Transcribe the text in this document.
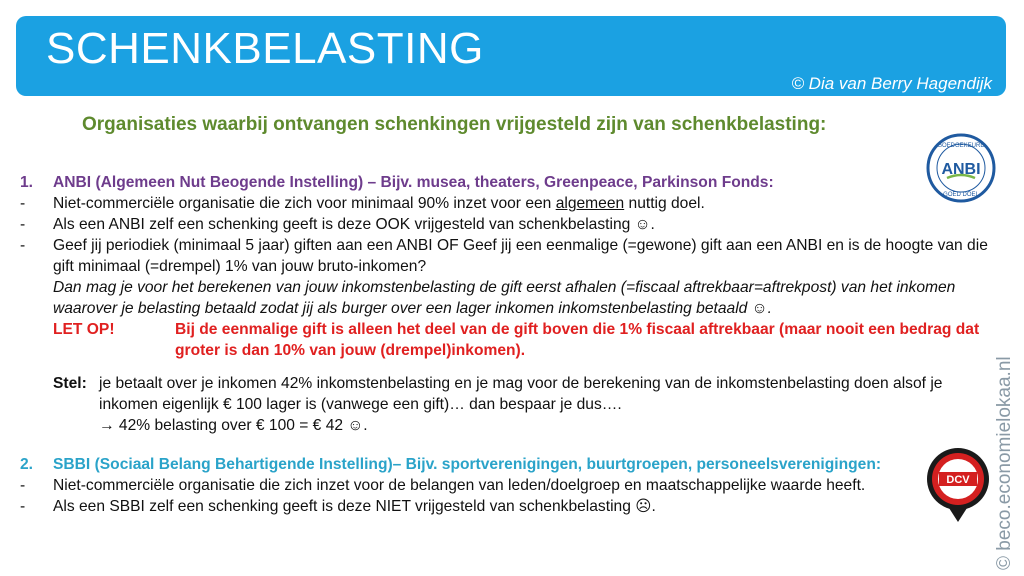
SCHENKBELASTING
© Dia van Berry Hagendijk
Organisaties waarbij ontvangen schenkingen vrijgesteld zijn van schenkbelasting:
GOEDGEKEURD
ANBI
GOED DOEL
1.	ANBI (Algemeen Nut Beogende Instelling) – Bijv. musea, theaters, Greenpeace, Parkinson Fonds:
-	Niet-commerciële organisatie die zich voor minimaal 90% inzet voor een algemeen nuttig doel.
-	Als een ANBI zelf een schenking geeft is deze OOK vrijgesteld van schenkbelasting ☺.
-	Geef jij periodiek (minimaal 5 jaar) giften aan een ANBI OF Geef jij een eenmalige (=gewone) gift aan een ANBI en is de hoogte van die gift minimaal (=drempel) 1% van jouw bruto-inkomen?
Dan mag je voor het berekenen van jouw inkomstenbelasting de gift eerst afhalen (=fiscaal aftrekbaar=aftrekpost) van het inkomen waarover je belasting betaald zodat jij als burger over een lager inkomen inkomstenbelasting betaald ☺.
LET OP!	Bij de eenmalige gift is alleen het deel van de gift boven die 1% fiscaal aftrekbaar (maar nooit een bedrag dat groter is dan 10% van jouw (drempel)inkomen).
Stel: je betaalt over je inkomen 42% inkomstenbelasting en je mag voor de berekening van de inkomstenbelasting doen alsof je inkomen eigenlijk € 100 lager is (vanwege een gift)… dan bespaar je dus….
→ 42% belasting over € 100 = € 42 ☺.
2.	SBBI (Sociaal Belang Behartigende Instelling)– Bijv. sportverenigingen, buurtgroepen, personeelsverenigingen:
-	Niet-commerciële organisatie die zich inzet voor de belangen van leden/doelgroep en maatschappelijke waarde heeft.
-	Als een SBBI zelf een schenking geeft is deze NIET vrijgesteld van schenkbelasting ☹.
DCV © beco.economielokaa.nl
